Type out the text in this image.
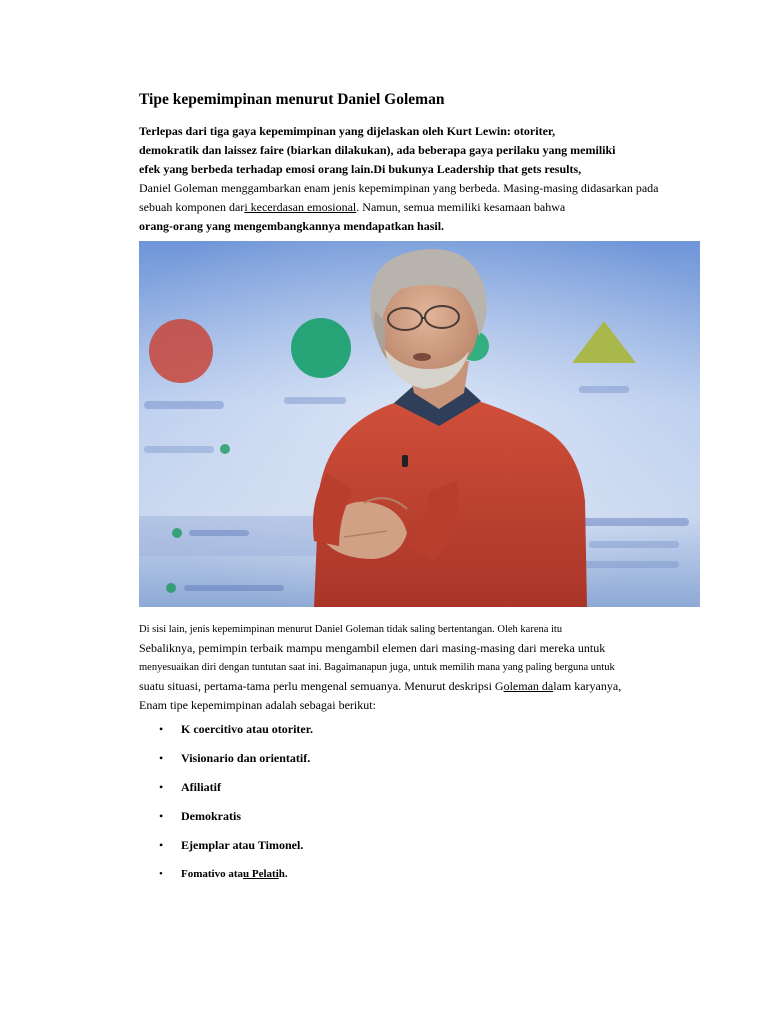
Tipe kepemimpinan menurut Daniel Goleman
Terlepas dari tiga gaya kepemimpinan yang dijelaskan oleh Kurt Lewin: otoriter,
demokratik dan laissez faire (biarkan dilakukan), ada beberapa gaya perilaku yang memiliki
efek yang berbeda terhadap emosi orang lain.Di bukunya Leadership that gets results,
Daniel Goleman menggambarkan enam jenis kepemimpinan yang berbeda. Masing-masing didasarkan pada
sebuah komponen dari kecerdasan emosional. Namun, semua memiliki kesamaan bahwa
orang-orang yang mengembangkannya mendapatkan hasil.
Di sisi lain, jenis kepemimpinan menurut Daniel Goleman tidak saling bertentangan. Oleh karena itu
Sebaliknya, pemimpin terbaik mampu mengambil elemen dari masing-masing dari mereka untuk
menyesuaikan diri dengan tuntutan saat ini. Bagaimanapun juga, untuk memilih mana yang paling berguna untuk
suatu situasi, pertama-tama perlu mengenal semuanya. Menurut deskripsi Goleman dalam karyanya,
Enam tipe kepemimpinan adalah sebagai berikut:
• K coercitivo atau otoriter.
• Visionario dan orientatif.
• Afiliatif
• Demokratis
• Ejemplar atau Timonel.
• Fomativo atau Pelatih.
